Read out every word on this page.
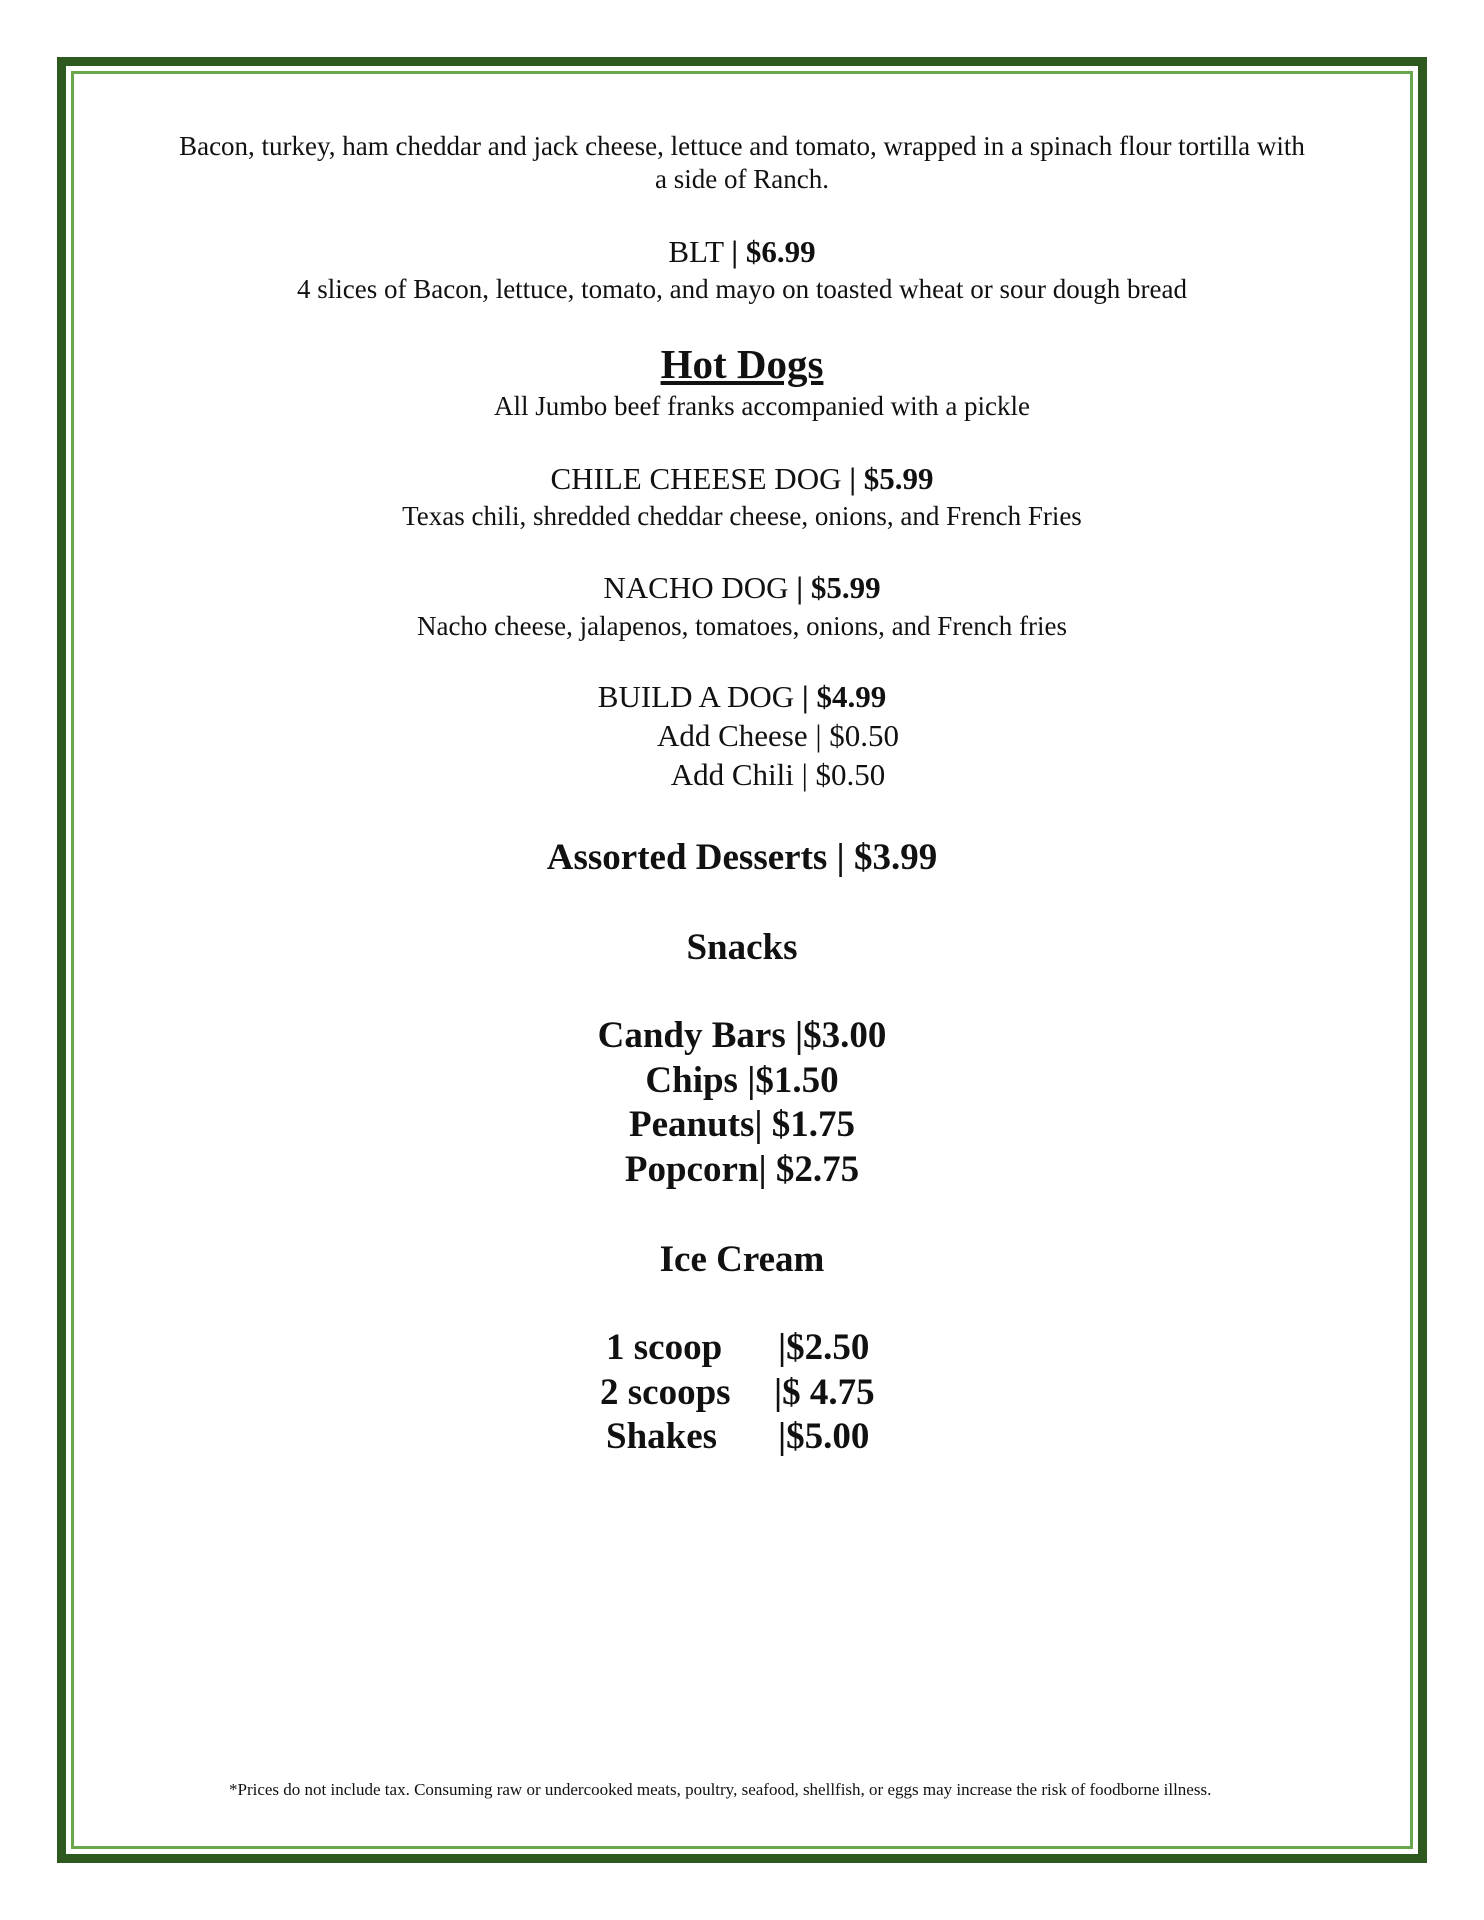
Bacon, turkey, ham cheddar and jack cheese, lettuce and tomato, wrapped in a spinach flour tortilla with
a side of Ranch.
BLT | $6.99
4 slices of Bacon, lettuce, tomato, and mayo on toasted wheat or sour dough bread
Hot Dogs
All Jumbo beef franks accompanied with a pickle
CHILE CHEESE DOG | $5.99
Texas chili, shredded cheddar cheese, onions, and French Fries
NACHO DOG | $5.99
Nacho cheese, jalapenos, tomatoes, onions, and French fries
BUILD A DOG | $4.99
Add Cheese | $0.50
Add Chili | $0.50
Assorted Desserts | $3.99
Snacks
Candy Bars |$3.00
Chips |$1.50
Peanuts| $1.75
Popcorn| $2.75
Ice Cream
1 scoop |$2.50
2 scoops |$ 4.75
Shakes |$5.00
*Prices do not include tax. Consuming raw or undercooked meats, poultry, seafood, shellfish, or eggs may increase the risk of foodborne illness.
